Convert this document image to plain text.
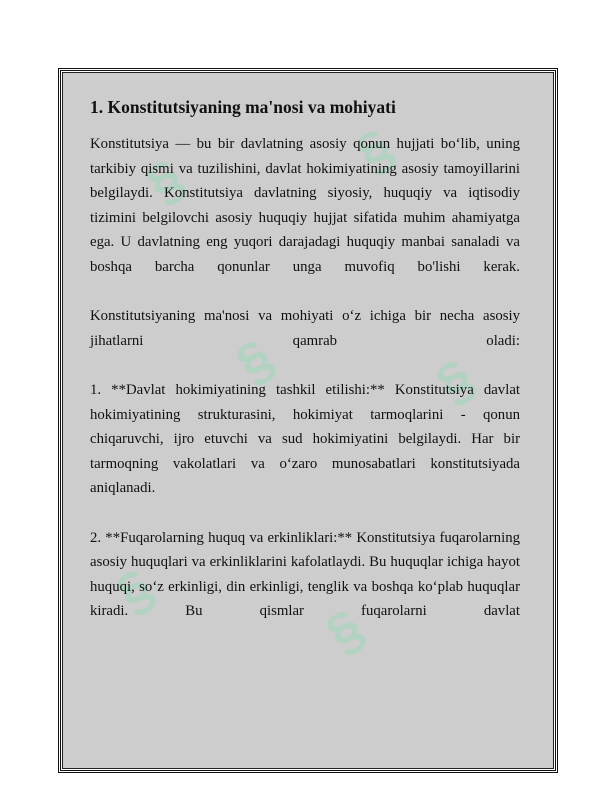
§	§
§	§
§
§
1. Konstitutsiyaning ma'nosi va mohiyati

Konstitutsiya — bu bir davlatning asosiy qonun hujjati bo‘lib, uning tarkibiy qismi va tuzilishini, davlat hokimiyatining asosiy tamoyillarini belgilaydi. Konstitutsiya davlatning siyosiy, huquqiy va iqtisodiy tizimini belgilovchi asosiy huquqiy hujjat sifatida muhim ahamiyatga ega. U davlatning eng yuqori darajadagi huquqiy manbai sanaladi va boshqa barcha qonunlar unga muvofiq bo'lishi kerak.

Konstitutsiyaning ma'nosi va mohiyati o‘z ichiga bir necha asosiy jihatlarni qamrab oladi:

1. **Davlat hokimiyatining tashkil etilishi:** Konstitutsiya davlat hokimiyatining strukturasini, hokimiyat tarmoqlarini - qonun chiqaruvchi, ijro etuvchi va sud hokimiyatini belgilaydi. Har bir tarmoqning vakolatlari va o‘zaro munosabatlari konstitutsiyada aniqlanadi.

2. **Fuqarolarning huquq va erkinliklari:** Konstitutsiya fuqarolarning asosiy huquqlari va erkinliklarini kafolatlaydi. Bu huquqlar ichiga hayot huquqi, so‘z erkinligi, din erkinligi, tenglik va boshqa ko‘plab huquqlar kiradi. Bu qismlar fuqarolarni davlat
